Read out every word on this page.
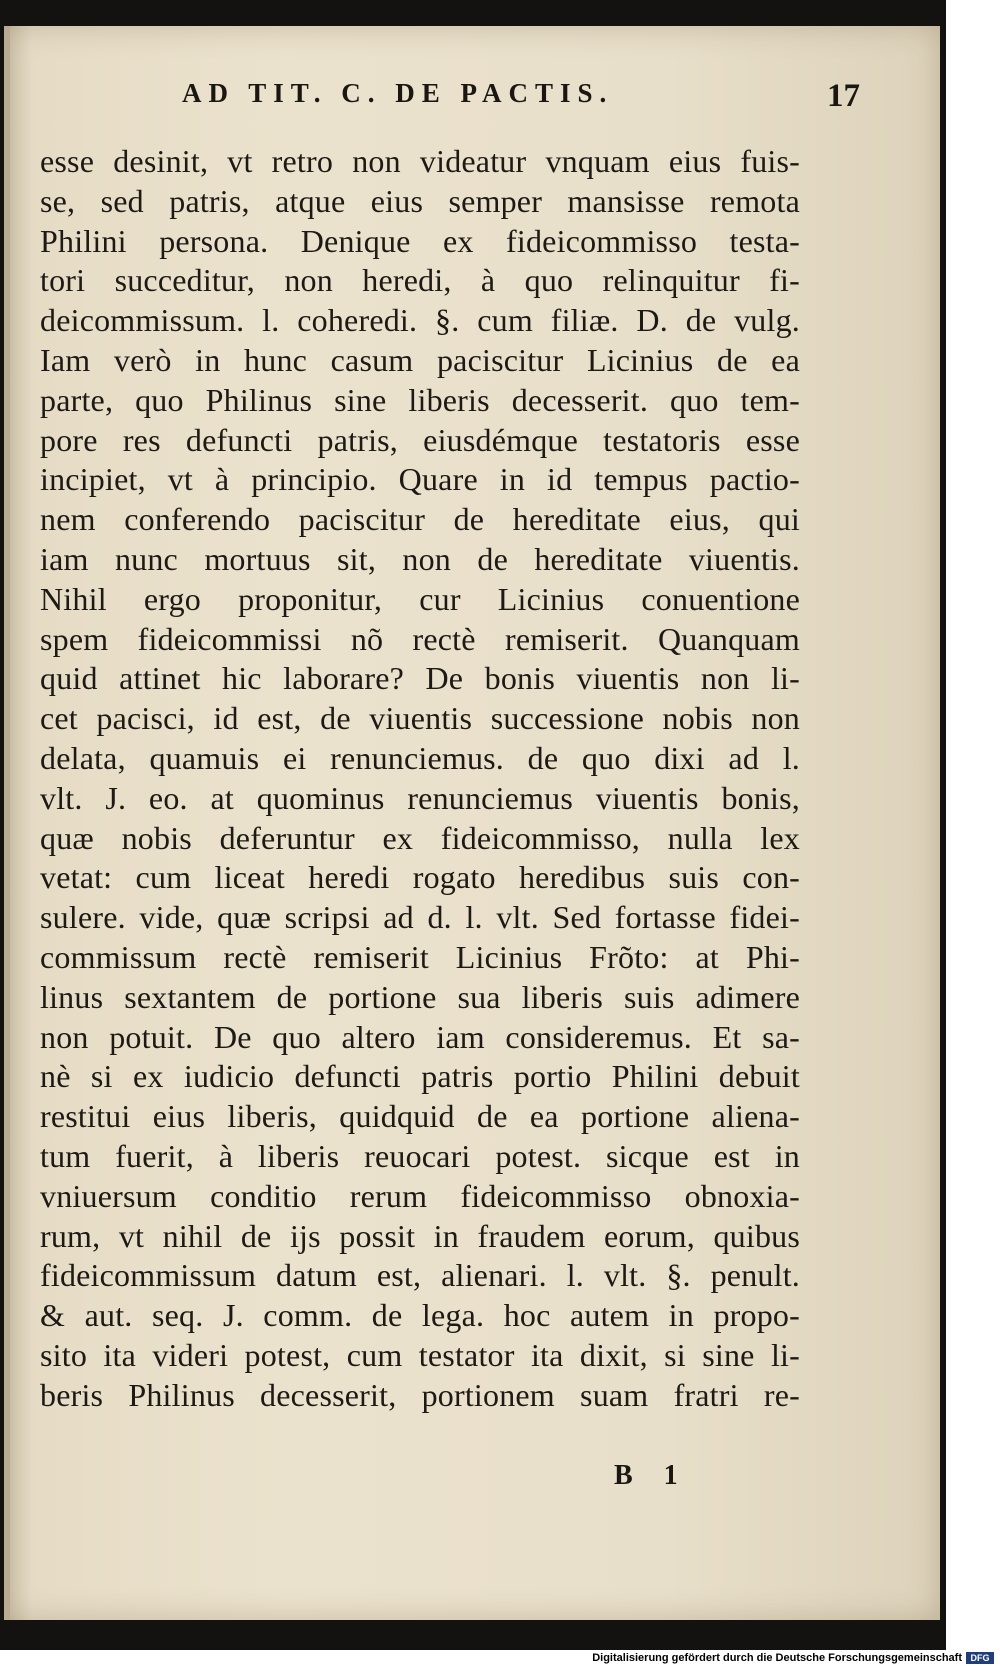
AD TIT. C. DE PACTIS.	17
esse desinit, vt retro non videatur vnquam eius fuis-
se, sed patris, atque eius semper mansisse remota
Philini persona. Denique ex fideicommisso testa-
tori succeditur, non heredi, à quo relinquitur fi-
deicommissum. l. coheredi. §. cum filiæ. D. de vulg.
Iam verò in hunc casum paciscitur Licinius de ea
parte, quo Philinus sine liberis decesserit. quo tem-
pore res defuncti patris, eiusdémque testatoris esse
incipiet, vt à principio. Quare in id tempus pactio-
nem conferendo paciscitur de hereditate eius, qui
iam nunc mortuus sit, non de hereditate viuentis.
Nihil ergo proponitur, cur Licinius conuentione
spem fideicommissi nõ rectè remiserit. Quanquam
quid attinet hic laborare? De bonis viuentis non li-
cet pacisci, id est, de viuentis successione nobis non
delata, quamuis ei renunciemus. de quo dixi ad l.
vlt. J. eo. at quominus renunciemus viuentis bonis,
quæ nobis deferuntur ex fideicommisso, nulla lex
vetat: cum liceat heredi rogato heredibus suis con-
sulere. vide, quæ scripsi ad d. l. vlt. Sed fortasse fidei-
commissum rectè remiserit Licinius Frõto: at Phi-
linus sextantem de portione sua liberis suis adimere
non potuit. De quo altero iam consideremus. Et sa-
nè si ex iudicio defuncti patris portio Philini debuit
restitui eius liberis, quidquid de ea portione aliena-
tum fuerit, à liberis reuocari potest. sicque est in
vniuersum conditio rerum fideicommisso obnoxia-
rum, vt nihil de ijs possit in fraudem eorum, quibus
fideicommissum datum est, alienari. l. vlt. §. penult.
& aut. seq. J. comm. de lega. hoc autem in propo-
sito ita videri potest, cum testator ita dixit, si sine li-
beris Philinus decesserit, portionem suam fratri re-
B 1
Digitalisierung gefördert durch die Deutsche Forschungsgemeinschaft DFG
